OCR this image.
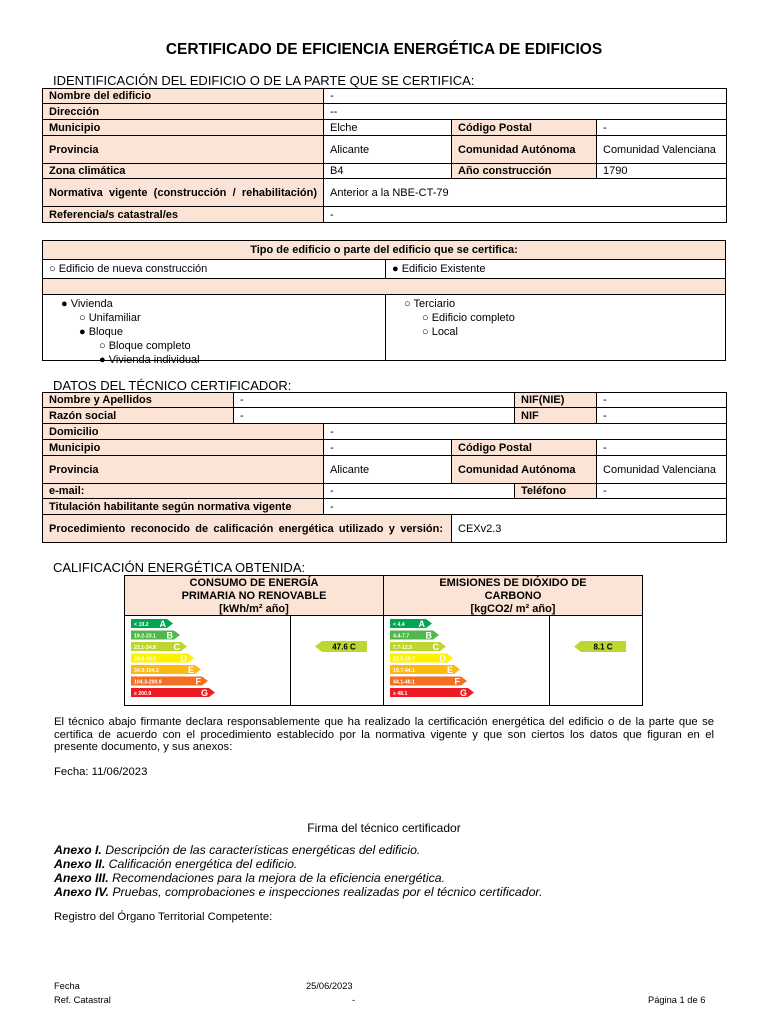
CERTIFICADO DE EFICIENCIA ENERGÉTICA DE EDIFICIOS
IDENTIFICACIÓN DEL EDIFICIO O DE LA PARTE QUE SE CERTIFICA:
Nombre del edificio	-		
Dirección	--		
Municipio	Elche	Código Postal	-
Provincia	Alicante	Comunidad Autónoma	Comunidad Valenciana
Zona climática	B4	Año construcción	1790
Normativa vigente (construcción / rehabilitación)	Anterior a la NBE-CT-79		
Referencia/s catastral/es	-		
Tipo de edificio o parte del edificio que se certifica:
○ Edificio de nueva construcción	● Edificio Existente
● Vivienda
○ Unifamiliar
● Bloque
○ Bloque completo
● Vivienda individual
○ Terciario
○ Edificio completo
○ Local
DATOS DEL TÉCNICO CERTIFICADOR:
Nombre y Apellidos	-			NIF(NIE)	-
Razón social	-			NIF	-
Domicilio		-			
Municipio		-	Código Postal		-
Provincia		Alicante	Comunidad Autónoma		Comunidad Valenciana
e-mail:		-		Teléfono	-
Titulación habilitante según normativa vigente		-			
Procedimiento reconocido de calificación energética utilizado y versión:			CEXv2.3		
CALIFICACIÓN ENERGÉTICA OBTENIDA:
CONSUMO DE ENERGÍA
PRIMARIA NO RENOVABLE
[kWh/m² año]
< 19.2 A
19.2-23.1 B
23.1-34.8 C
34.8-48.5	D
34.8-104.3	E
104.3-200.9	F
≥ 200.9	G
47.6 C
EMISIONES DE DIÓXIDO DE
CARBONO
[kgCO2/ m² año]
< 4.4 A
4.4-7.7 B
7.7-12.5 C
12.5-19.7	D
19.7-44.1	E
44.1-48.1	F
≥ 48.1	G
8.1 C
El técnico abajo firmante declara responsablemente que ha realizado la certificación energética del edificio o de la parte que se certifica de acuerdo con el procedimiento establecido por la normativa vigente y que son ciertos los datos que figuran en el presente documento, y sus anexos:
Fecha: 11/06/2023
Firma del técnico certificador
Anexo I. Descripción de las características energéticas del edificio.
Anexo II. Calificación energética del edificio.
Anexo III. Recomendaciones para la mejora de la eficiencia energética.
Anexo IV. Pruebas, comprobaciones e inspecciones realizadas por el técnico certificador.
Registro del Órgano Territorial Competente:
Fecha	25/06/2023
Ref. Catastral	-	Página 1 de 6
